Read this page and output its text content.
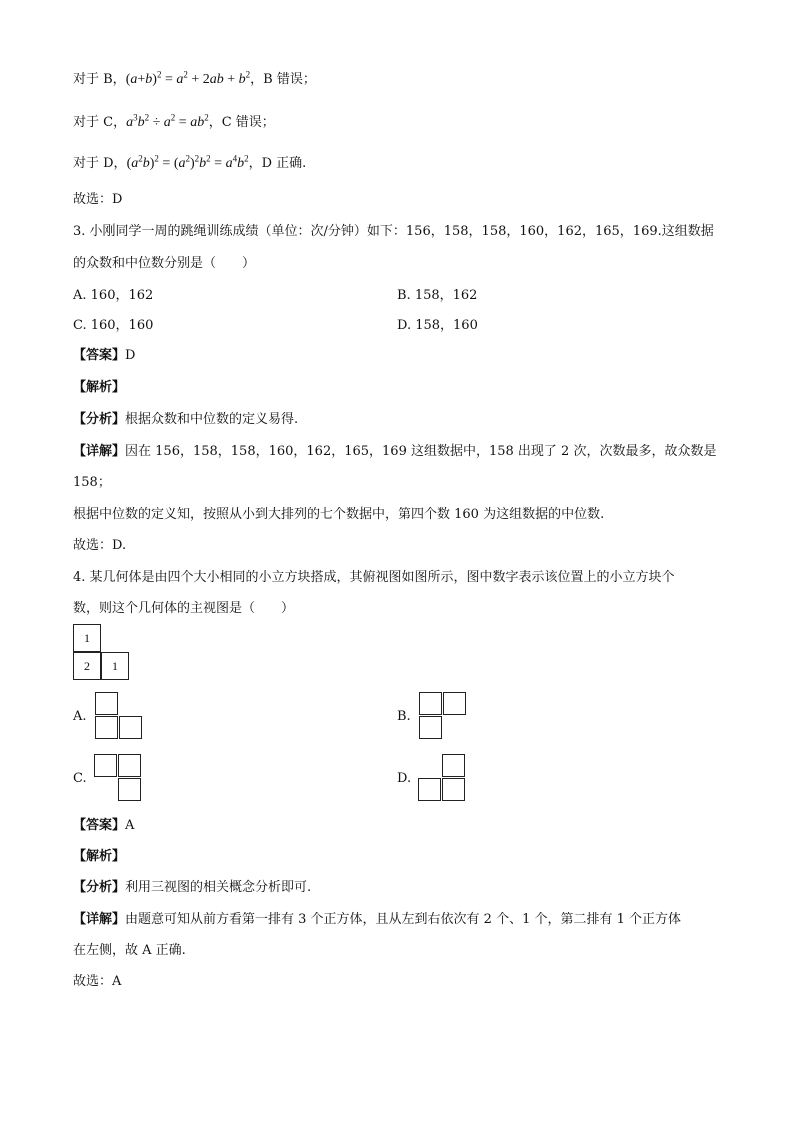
对于 B，$(a+b)^2 = a^2 + 2ab + b^2$，B 错误；
对于 C，$a^3b^2 \div a^2 = ab^2$，C 错误；
对于 D，$(a^2b)^2 = (a^2)^2b^2 = a^4b^2$，D 正确.
故选：D
3. 小刚同学一周的跳绳训练成绩（单位：次/分钟）如下：156，158，158，160，162，165，169.这组数据
的众数和中位数分别是（　　）
A. 160，162	B. 158，162
C. 160，160	D. 158，160
【答案】D
【解析】
【分析】根据众数和中位数的定义易得.
【详解】因在 156，158，158，160，162，165，169 这组数据中，158 出现了 2 次，次数最多，故众数是
158；
根据中位数的定义知，按照从小到大排列的七个数据中，第四个数 160 为这组数据的中位数.
故选：D.
4. 某几何体是由四个大小相同的小立方块搭成，其俯视图如图所示，图中数字表示该位置上的小立方块个
数，则这个几何体的主视图是（　　）
1
2	1
A.	B.
C.	D.
【答案】A
【解析】
【分析】利用三视图的相关概念分析即可.
【详解】由题意可知从前方看第一排有 3 个正方体，且从左到右依次有 2 个、1 个，第二排有 1 个正方体
在左侧，故 A 正确.
故选：A
